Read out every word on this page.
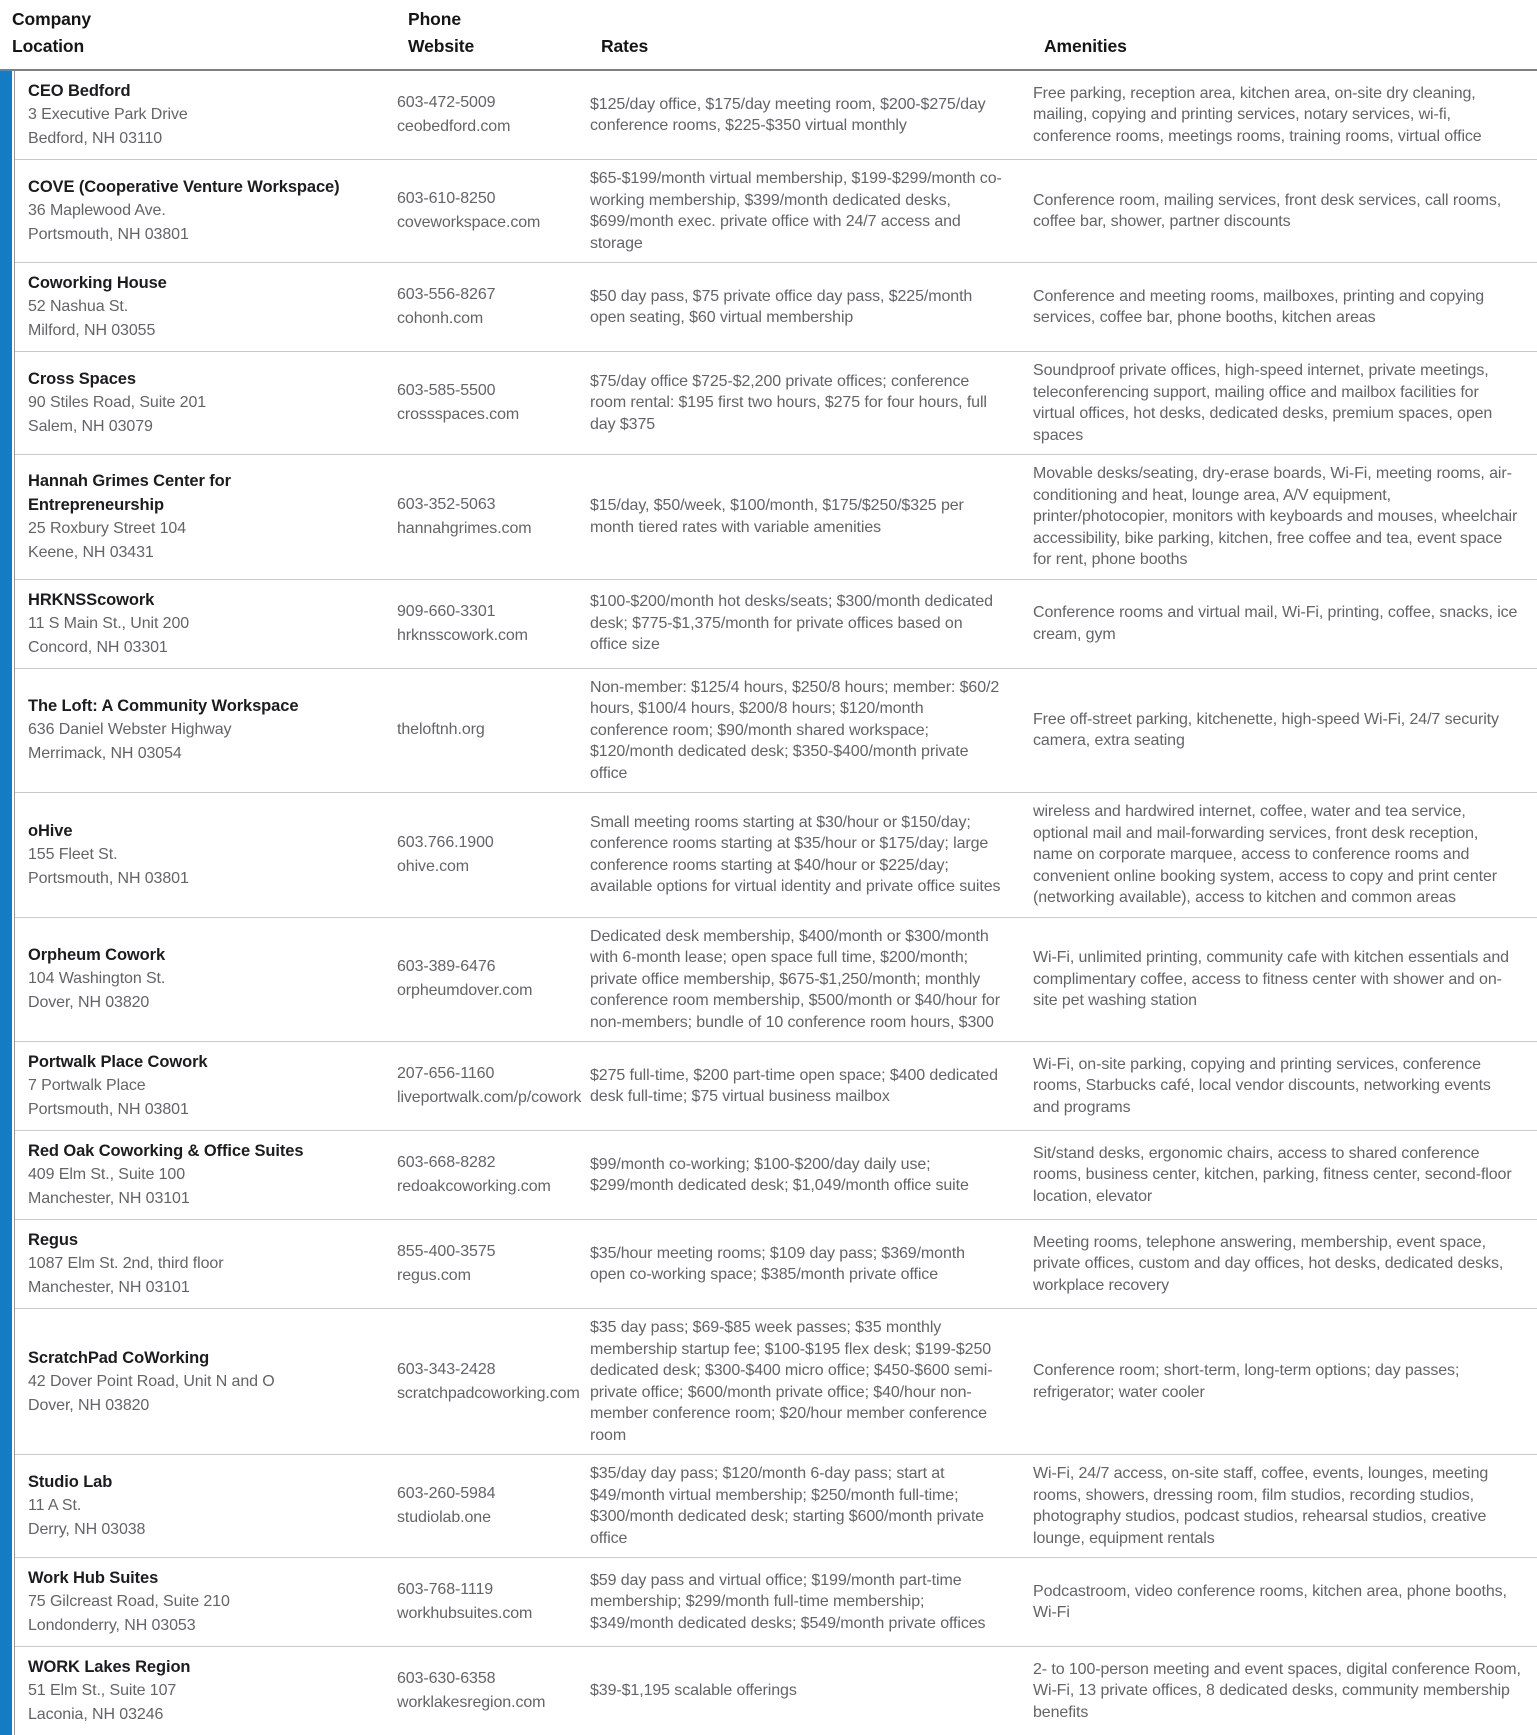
Company
Location
Phone
Website	Rates	Amenities
CEO Bedford
3 Executive Park Drive
Bedford, NH 03110
603-472-5009
ceobedford.com
$125/day office, $175/day meeting room, $200-$275/day conference rooms, $225-$350 virtual monthly
Free parking, reception area, kitchen area, on-site dry cleaning, mailing, copying and printing services, notary services, wi-fi, conference rooms, meetings rooms, training rooms, virtual office
COVE (Cooperative Venture Workspace)
36 Maplewood Ave.
Portsmouth, NH 03801
603-610-8250
coveworkspace.com
$65-$199/month virtual membership, $199-$299/month co-working membership, $399/month dedicated desks, $699/month exec. private office with 24/7 access and storage
Conference room, mailing services, front desk services, call rooms, coffee bar, shower, partner discounts
Coworking House
52 Nashua St.
Milford, NH 03055
603-556-8267
cohonh.com
$50 day pass, $75 private office day pass, $225/month open seating, $60 virtual membership
Conference and meeting rooms, mailboxes, printing and copying services, coffee bar, phone booths, kitchen areas
Cross Spaces
90 Stiles Road, Suite 201
Salem, NH 03079
603-585-5500
crossspaces.com
$75/day office $725-$2,200 private offices; conference room rental: $195 first two hours, $275 for four hours, full day $375
Soundproof private offices, high-speed internet, private meetings, teleconferencing support, mailing office and mailbox facilities for virtual offices, hot desks, dedicated desks, premium spaces, open spaces
Hannah Grimes Center for Entrepreneurship
25 Roxbury Street 104
Keene, NH 03431
603-352-5063
hannahgrimes.com
$15/day, $50/week, $100/month, $175/$250/$325 per month tiered rates with variable amenities
Movable desks/seating, dry-erase boards, Wi-Fi, meeting rooms, air-conditioning and heat, lounge area, A/V equipment, printer/photocopier, monitors with keyboards and mouses, wheelchair accessibility, bike parking, kitchen, free coffee and tea, event space for rent, phone booths
HRKNSScowork
11 S Main St., Unit 200
Concord, NH 03301
909-660-3301
hrknsscowork.com
$100-$200/month hot desks/seats; $300/month dedicated desk; $775-$1,375/month for private offices based on office size
Conference rooms and virtual mail, Wi-Fi, printing, coffee, snacks, ice cream, gym
The Loft: A Community Workspace
636 Daniel Webster Highway
Merrimack, NH 03054
theloftnh.org
Non-member: $125/4 hours, $250/8 hours; member: $60/2 hours, $100/4 hours, $200/8 hours; $120/month conference room; $90/month shared workspace; $120/month dedicated desk; $350-$400/month private office
Free off-street parking, kitchenette, high-speed Wi-Fi, 24/7 security camera, extra seating
oHive
155 Fleet St.
Portsmouth, NH 03801
603.766.1900
ohive.com
Small meeting rooms starting at $30/hour or $150/day; conference rooms starting at $35/hour or $175/day; large conference rooms starting at $40/hour or $225/day; available options for virtual identity and private office suites
wireless and hardwired internet, coffee, water and tea service, optional mail and mail-forwarding services, front desk reception, name on corporate marquee, access to conference rooms and convenient online booking system, access to copy and print center (networking available), access to kitchen and common areas
Orpheum Cowork
104 Washington St.
Dover, NH 03820
603-389-6476
orpheumdover.com
Dedicated desk membership, $400/month or $300/month with 6-month lease; open space full time, $200/month; private office membership, $675-$1,250/month; monthly conference room membership, $500/month or $40/hour for non-members; bundle of 10 conference room hours, $300
Wi-Fi, unlimited printing, community cafe with kitchen essentials and complimentary coffee, access to fitness center with shower and on-site pet washing station
Portwalk Place Cowork
7 Portwalk Place
Portsmouth, NH 03801
207-656-1160
liveportwalk.com/p/cowork
$275 full-time, $200 part-time open space; $400 dedicated desk full-time; $75 virtual business mailbox
Wi-Fi, on-site parking, copying and printing services, conference rooms, Starbucks café, local vendor discounts, networking events and programs
Red Oak Coworking & Office Suites
409 Elm St., Suite 100
Manchester, NH 03101
603-668-8282
redoakcoworking.com
$99/month co-working; $100-$200/day daily use; $299/month dedicated desk; $1,049/month office suite
Sit/stand desks, ergonomic chairs, access to shared conference rooms, business center, kitchen, parking, fitness center, second-floor location, elevator
Regus
1087 Elm St. 2nd, third floor
Manchester, NH 03101
855-400-3575
regus.com
$35/hour meeting rooms; $109 day pass; $369/month open co-working space; $385/month private office
Meeting rooms, telephone answering, membership, event space, private offices, custom and day offices, hot desks, dedicated desks, workplace recovery
ScratchPad CoWorking
42 Dover Point Road, Unit N and O
Dover, NH 03820
603-343-2428
scratchpadcoworking.com
$35 day pass; $69-$85 week passes; $35 monthly membership startup fee; $100-$195 flex desk; $199-$250 dedicated desk; $300-$400 micro office; $450-$600 semi-private office; $600/month private office; $40/hour non-member conference room; $20/hour member conference room
Conference room; short-term, long-term options; day passes; refrigerator; water cooler
Studio Lab
11 A St.
Derry, NH 03038
603-260-5984
studiolab.one
$35/day day pass; $120/month 6-day pass; start at $49/month virtual membership; $250/month full-time; $300/month dedicated desk; starting $600/month private office
Wi-Fi, 24/7 access, on-site staff, coffee, events, lounges, meeting rooms, showers, dressing room, film studios, recording studios, photography studios, podcast studios, rehearsal studios, creative lounge, equipment rentals
Work Hub Suites
75 Gilcreast Road, Suite 210
Londonderry, NH 03053
603-768-1119
workhubsuites.com
$59 day pass and virtual office; $199/month part-time membership; $299/month full-time membership; $349/month dedicated desks; $549/month private offices
Podcastroom, video conference rooms, kitchen area, phone booths, Wi-Fi
WORK Lakes Region
51 Elm St., Suite 107
Laconia, NH 03246
603-630-6358
worklakesregion.com
$39-$1,195 scalable offerings
2- to 100-person meeting and event spaces, digital conference Room, Wi-Fi, 13 private offices, 8 dedicated desks, community membership benefits
